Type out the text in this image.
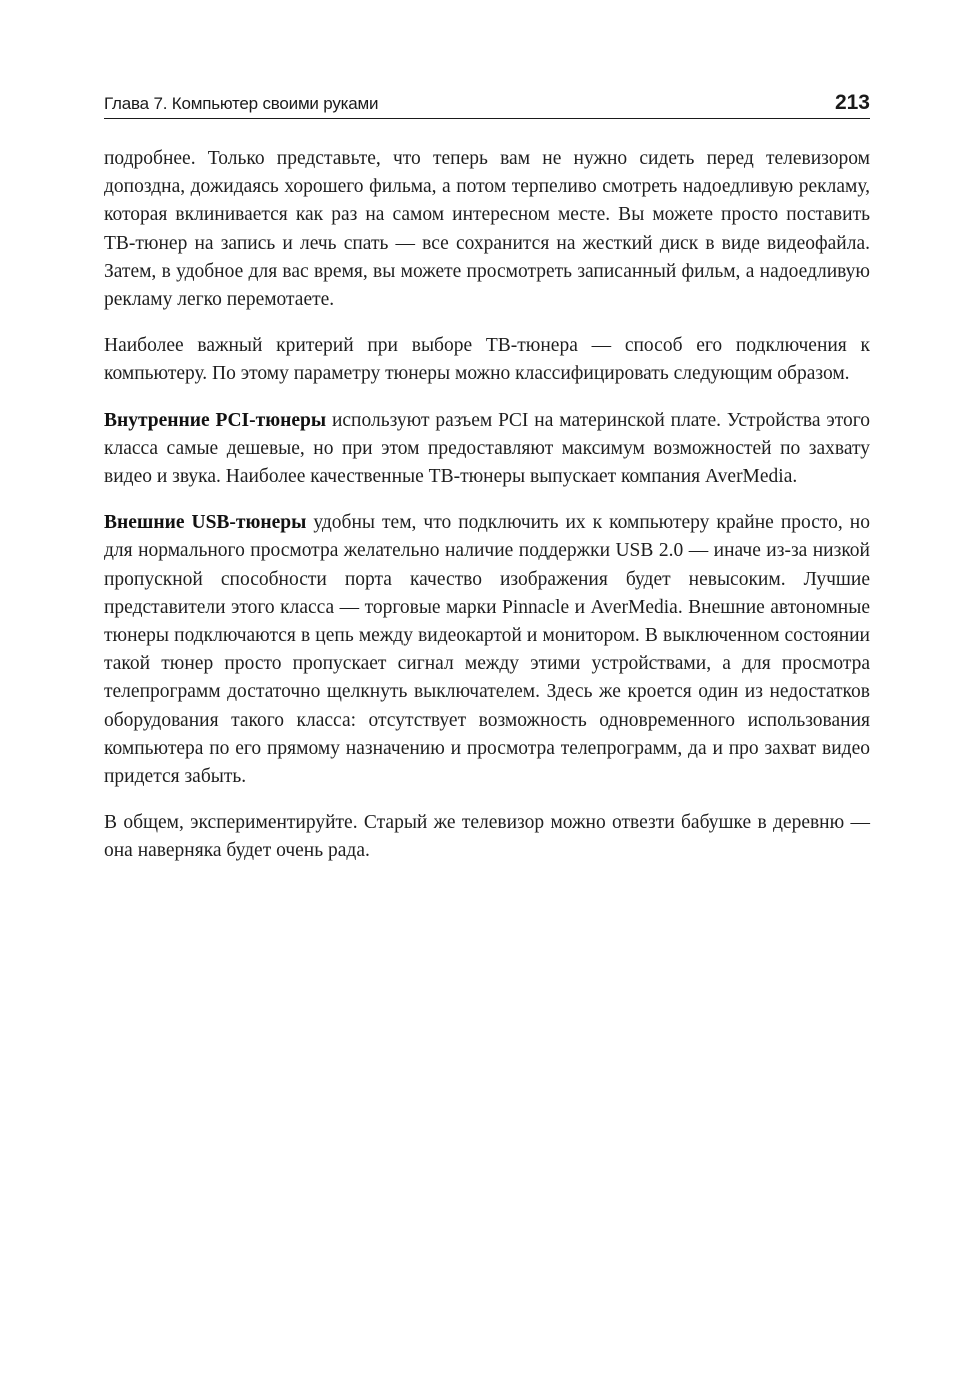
Глава 7. Компьютер своими руками	213

подробнее. Только представьте, что теперь вам не нужно сидеть перед телевизором допоздна, дожидаясь хорошего фильма, а потом терпеливо смотреть надоедливую рекламу, которая вклинивается как раз на самом интересном месте. Вы можете просто поставить ТВ-тюнер на запись и лечь спать — все сохранится на жесткий диск в виде видеофайла. Затем, в удобное для вас время, вы можете просмотреть записанный фильм, а надоедливую рекламу легко перемотаете.

Наиболее важный критерий при выборе ТВ-тюнера — способ его подключения к компьютеру. По этому параметру тюнеры можно классифицировать следующим образом.

Внутренние PCI-тюнеры используют разъем PCI на материнской плате. Устройства этого класса самые дешевые, но при этом предоставляют максимум возможностей по захвату видео и звука. Наиболее качественные ТВ-тюнеры выпускает компания AverMedia.

Внешние USB-тюнеры удобны тем, что подключить их к компьютеру крайне просто, но для нормального просмотра желательно наличие поддержки USB 2.0 — иначе из-за низкой пропускной способности порта качество изображения будет невысоким. Лучшие представители этого класса — торговые марки Pinnacle и AverMedia. Внешние автономные тюнеры подключаются в цепь между видеокартой и монитором. В выключенном состоянии такой тюнер просто пропускает сигнал между этими устройствами, а для просмотра телепрограмм достаточно щелкнуть выключателем. Здесь же кроется один из недостатков оборудования такого класса: отсутствует возможность одновременного использования компьютера по его прямому назначению и просмотра телепрограмм, да и про захват видео придется забыть.

В общем, экспериментируйте. Старый же телевизор можно отвезти бабушке в деревню — она наверняка будет очень рада.
